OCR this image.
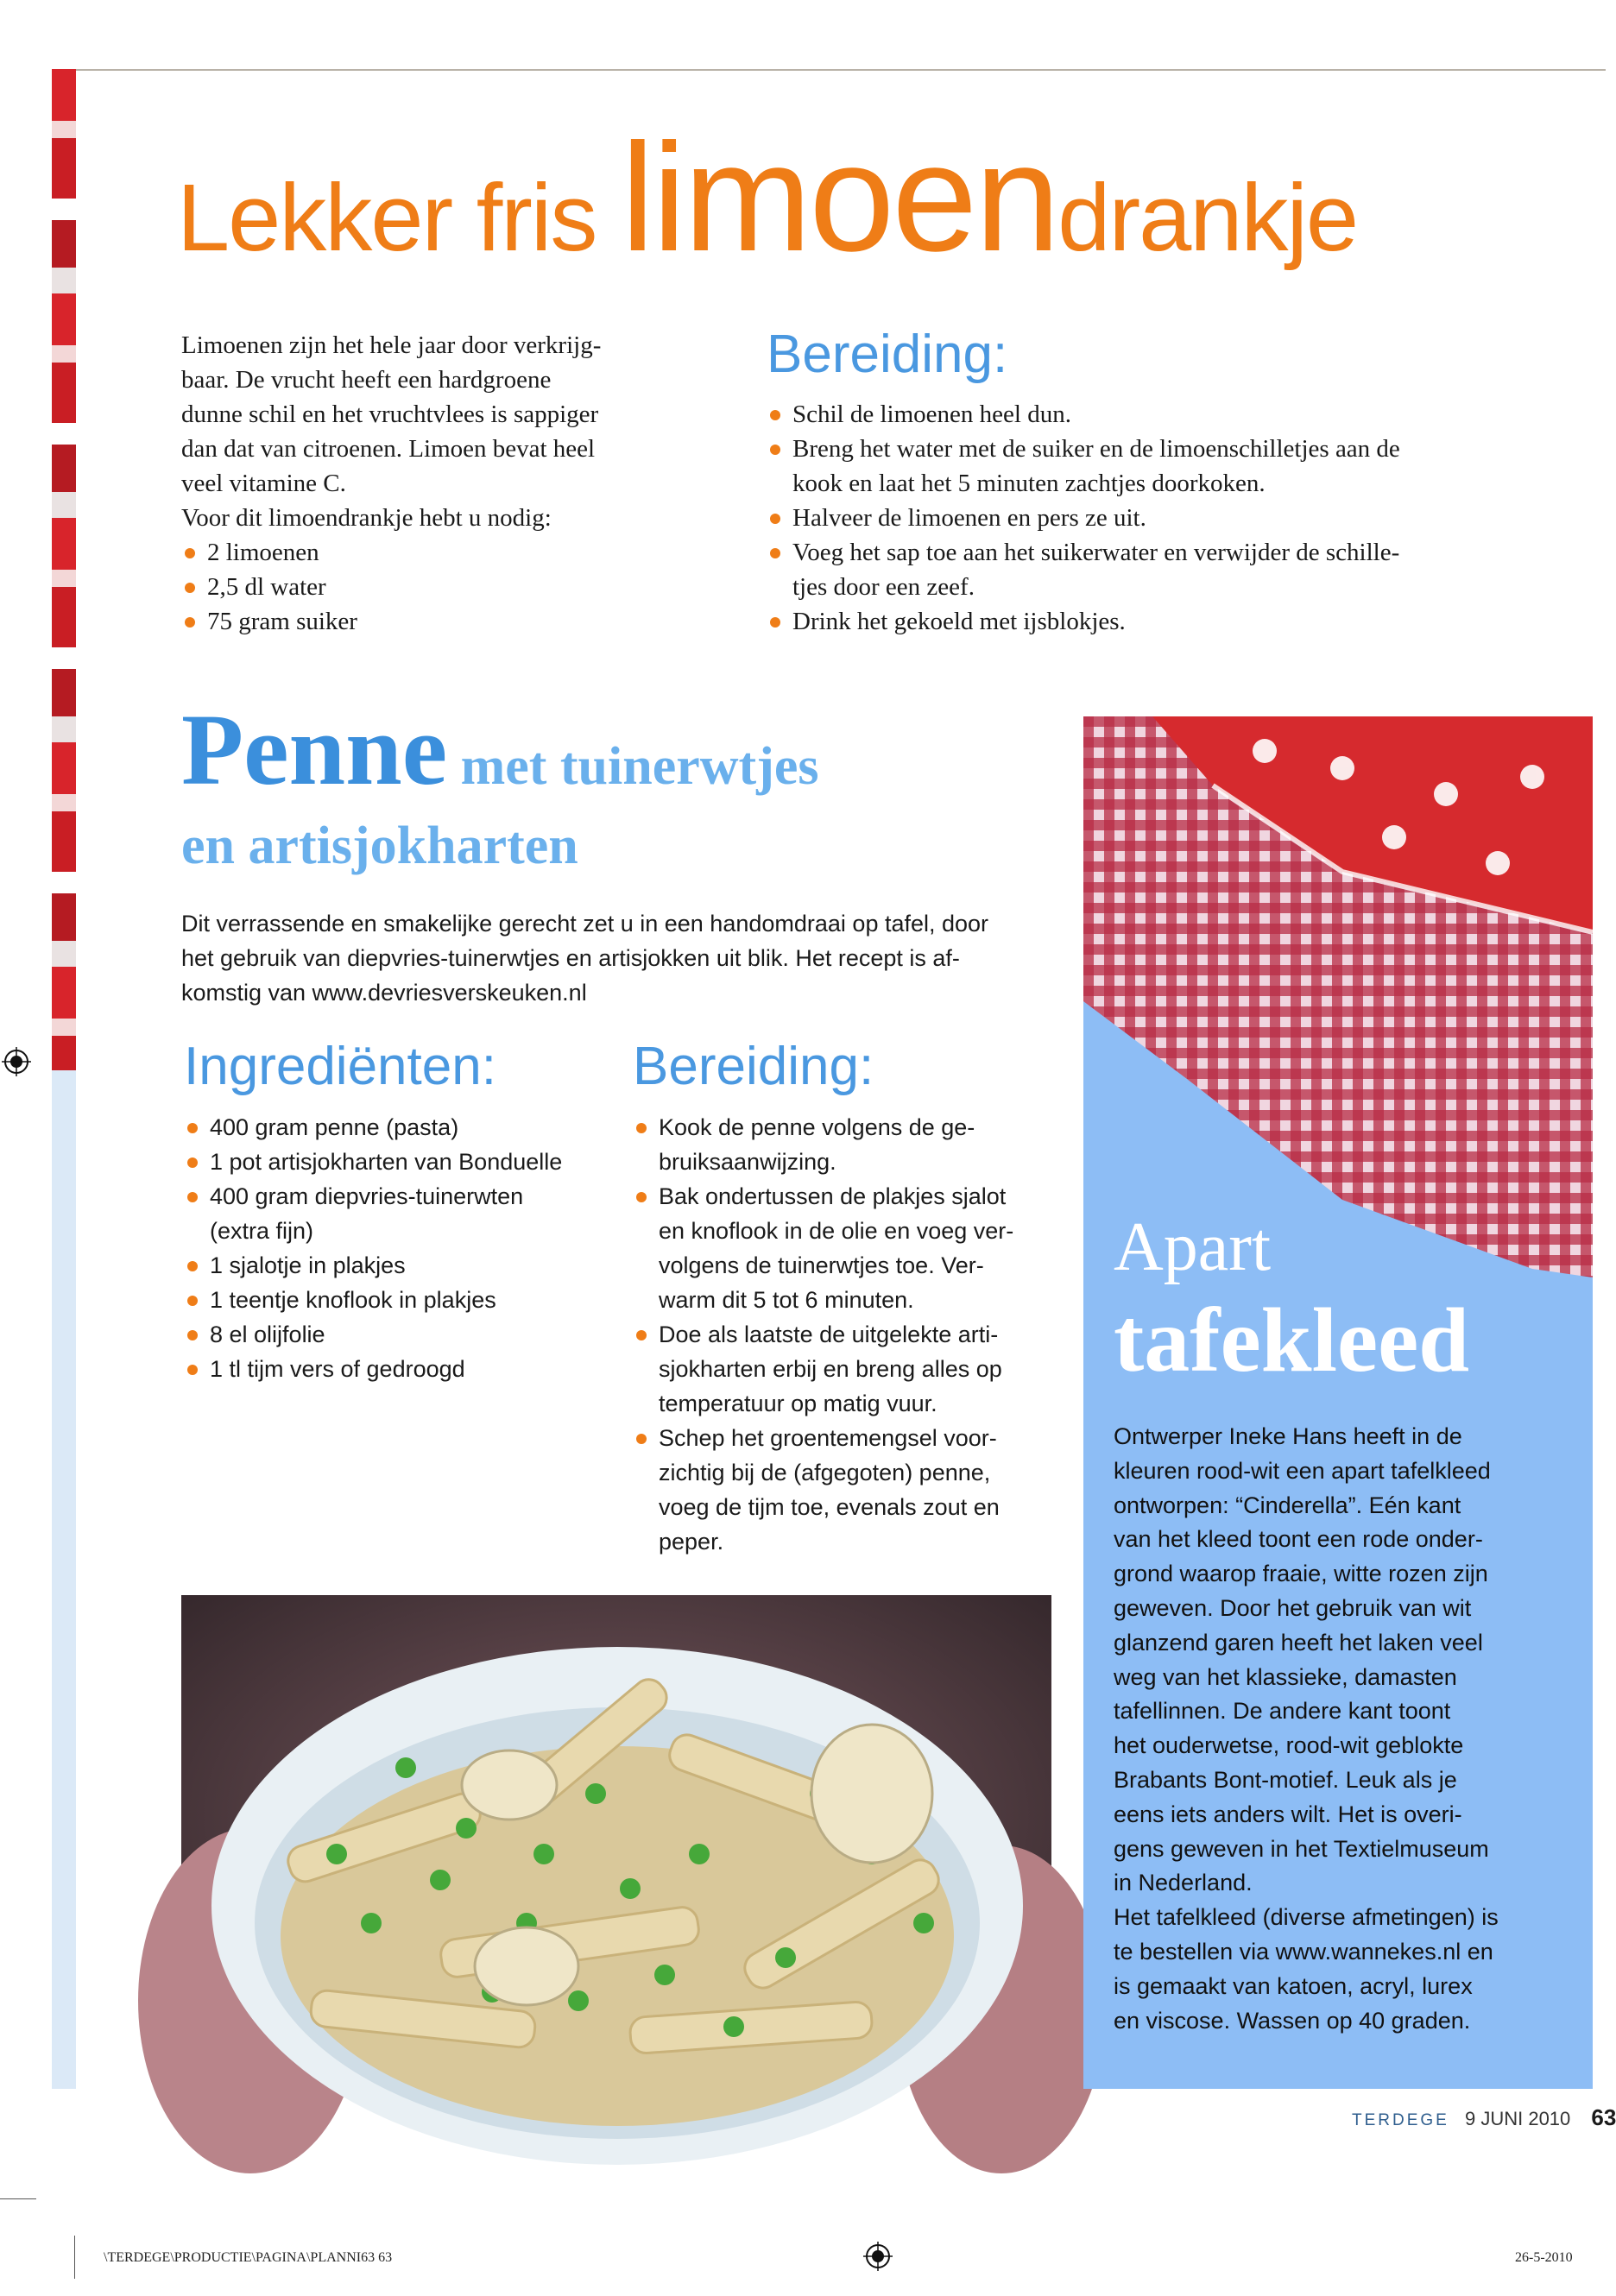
Lekker fris limoendrankje
Limoenen zijn het hele jaar door verkrijg-
baar. De vrucht heeft een hardgroene
dunne schil en het vruchtvlees is sappiger
dan dat van citroenen. Limoen bevat heel
veel vitamine C.
Voor dit limoendrankje hebt u nodig:
2 limoenen
2,5 dl water
75 gram suiker
Bereiding:
Schil de limoenen heel dun.
Breng het water met de suiker en de limoenschilletjes aan de
kook en laat het 5 minuten zachtjes doorkoken.
Halveer de limoenen en pers ze uit.
Voeg het sap toe aan het suikerwater en verwijder de schille-
tjes door een zeef.
Drink het gekoeld met ijsblokjes.
Penne met tuinerwtjes
en artisjokharten
Dit verrassende en smakelijke gerecht zet u in een handomdraai op tafel, door
het gebruik van diepvries-tuinerwtjes en artisjokken uit blik. Het recept is af-
komstig van www.devriesverskeuken.nl
Ingrediënten:
400 gram penne (pasta)
1 pot artisjokharten van Bonduelle
400 gram diepvries-tuinerwten
(extra fijn)
1 sjalotje in plakjes
1 teentje knoflook in plakjes
8 el olijfolie
1 tl tijm vers of gedroogd
Bereiding:
Kook de penne volgens de ge-
bruiksaanwijzing.
Bak ondertussen de plakjes sjalot
en knoflook in de olie en voeg ver-
volgens de tuinerwtjes toe. Ver-
warm dit 5 tot 6 minuten.
Doe als laatste de uitgelekte arti-
sjokharten erbij en breng alles op
temperatuur op matig vuur.
Schep het groentemengsel voor-
zichtig bij de (afgegoten) penne,
voeg de tijm toe, evenals zout en
peper.
Apart
tafekleed
Ontwerper Ineke Hans heeft in de
kleuren rood-wit een apart tafelkleed
ontworpen: “Cinderella”. Eén kant
van het kleed toont een rode onder-
grond waarop fraaie, witte rozen zijn
geweven. Door het gebruik van wit
glanzend garen heeft het laken veel
weg van het klassieke, damasten
tafellinnen. De andere kant toont
het ouderwetse, rood-wit geblokte
Brabants Bont-motief. Leuk als je
eens iets anders wilt. Het is overi-
gens geweven in het Textielmuseum
in Nederland.
Het tafelkleed (diverse afmetingen) is
te bestellen via www.wannekes.nl en
is gemaakt van katoen, acryl, lurex
en viscose. Wassen op 40 graden.
TERDEGE 9 JUNI 2010 63
\TERDEGE\PRODUCTIE\PAGINA\PLANNI63 63	26-5-2010
